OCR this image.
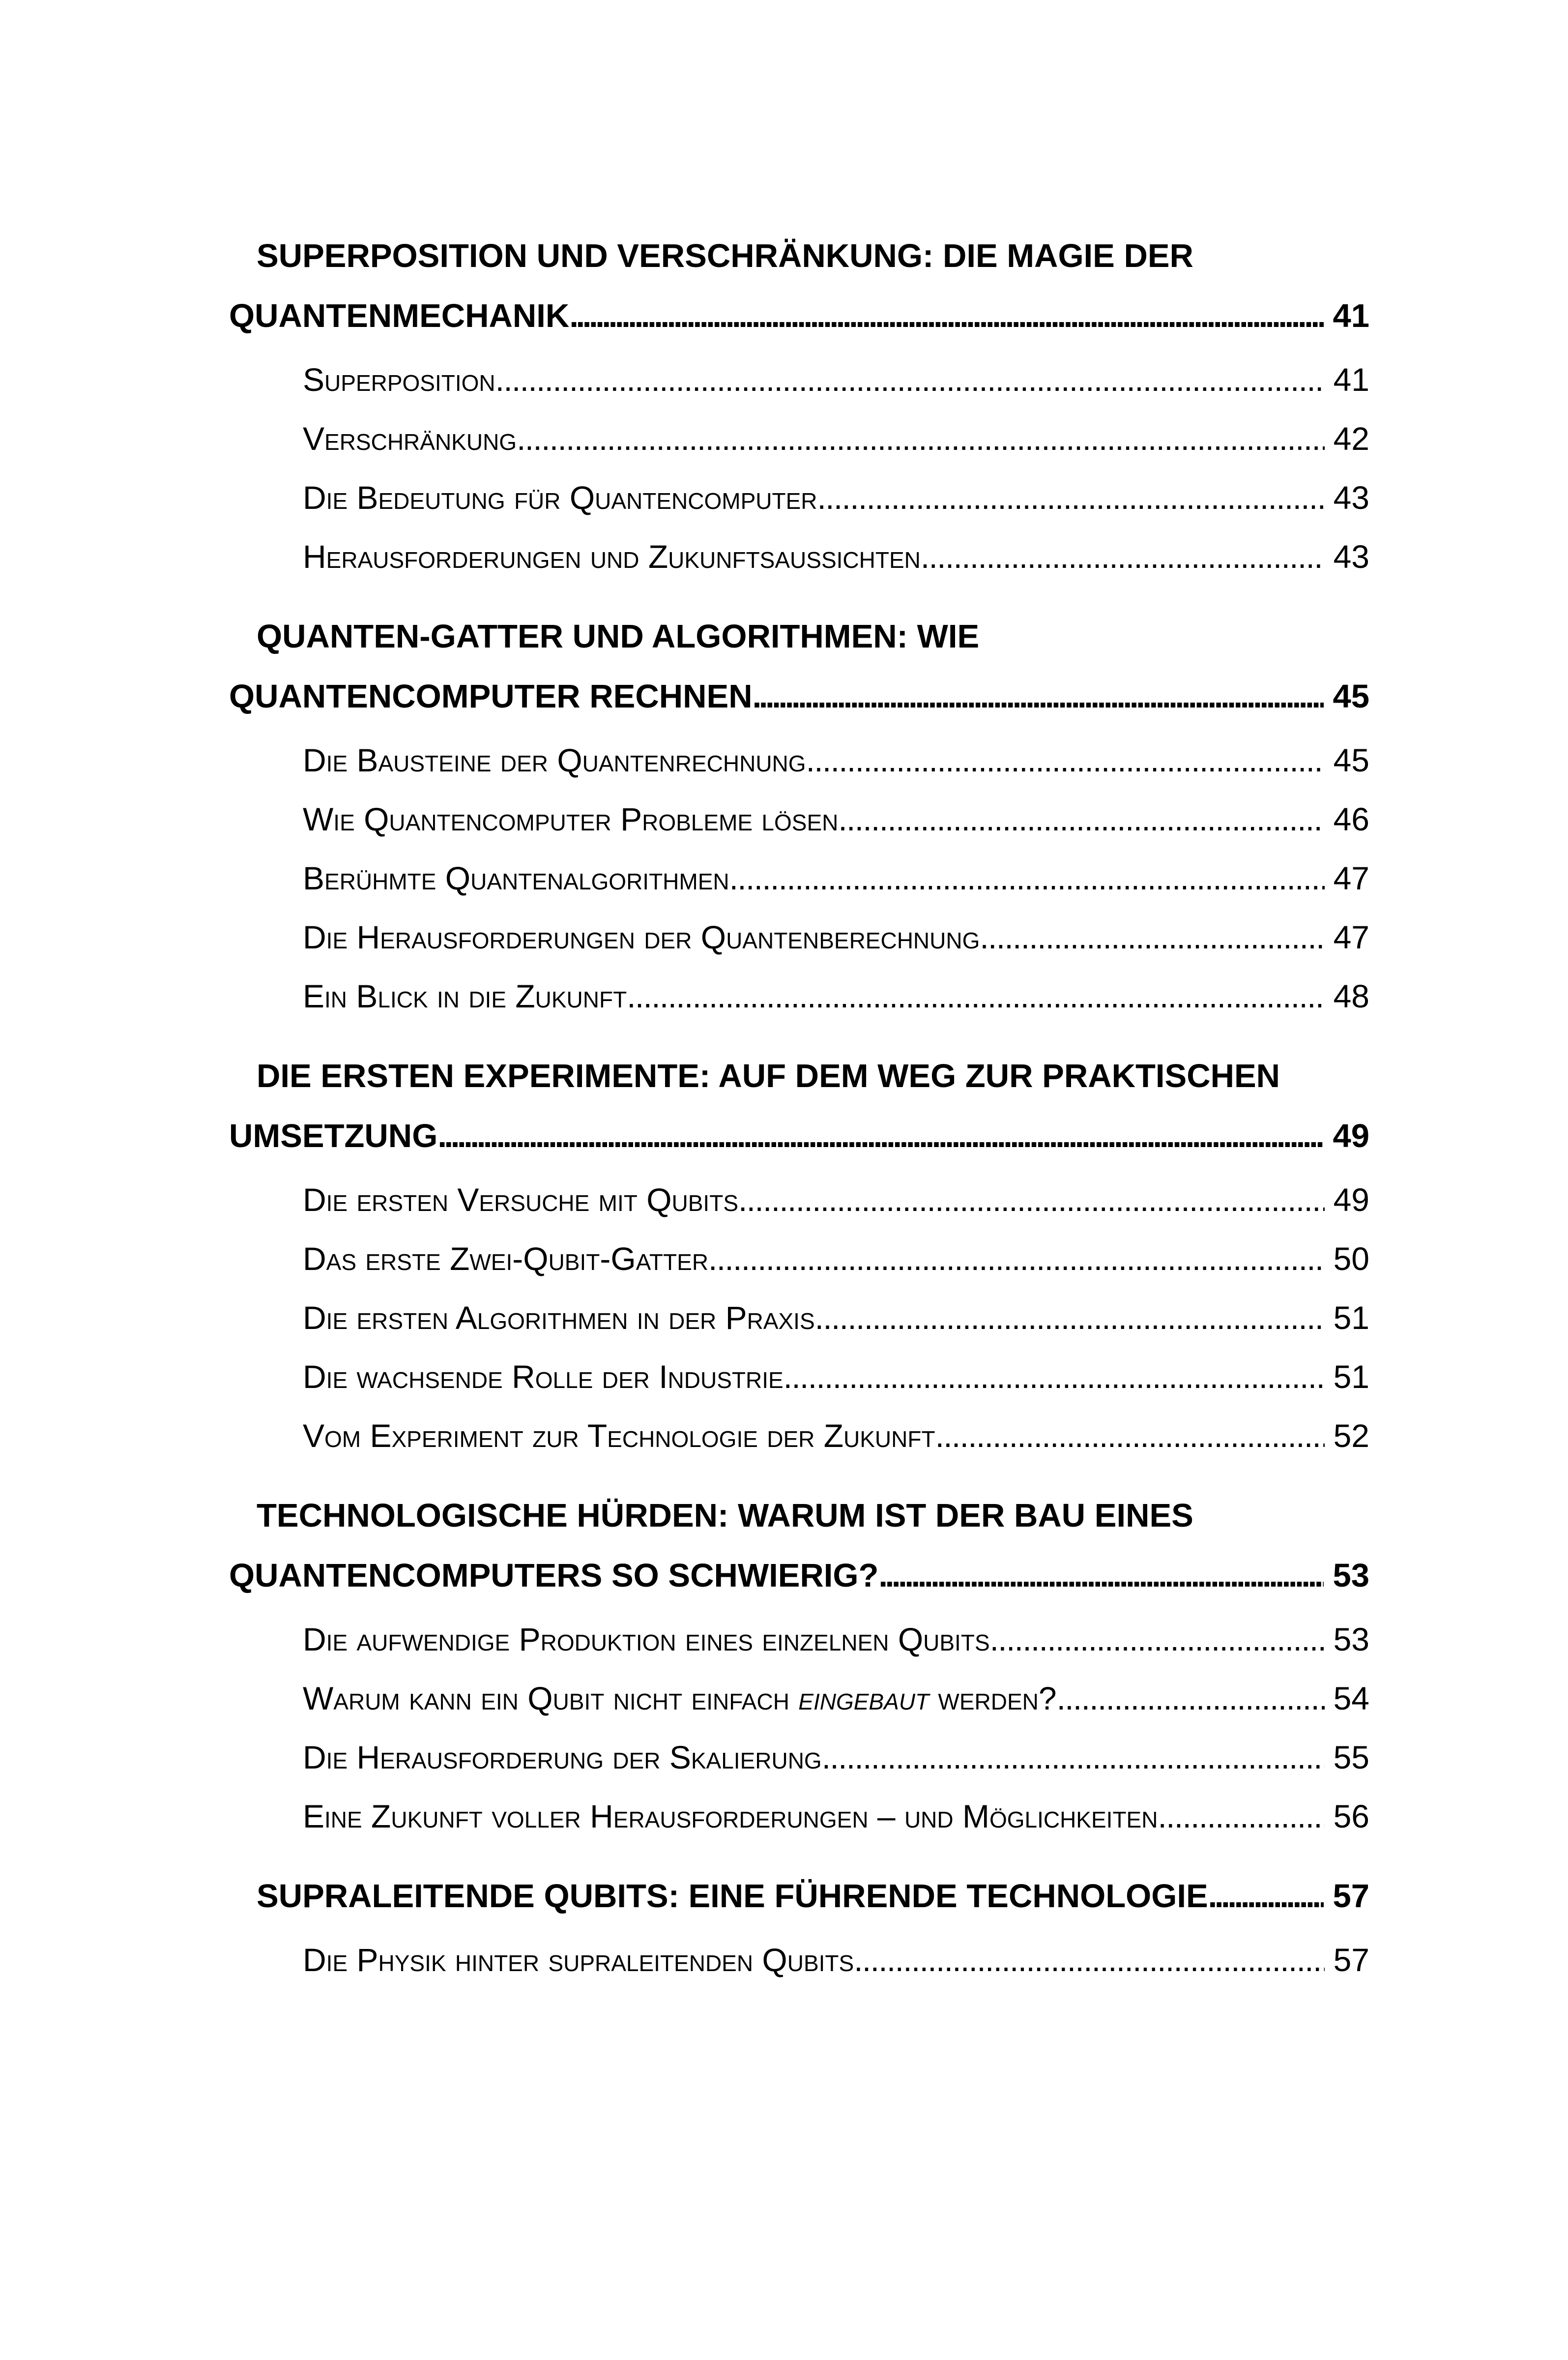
SUPERPOSITION UND VERSCHRÄNKUNG: DIE MAGIE DER
QUANTENMECHANIK . . .	41
Superposition . . .	41
Verschränkung . . .	42
Die Bedeutung für Quantencomputer . . .	43
Herausforderungen und Zukunftsaussichten . . .	43
QUANTEN-GATTER UND ALGORITHMEN: WIE
QUANTENCOMPUTER RECHNEN . . .	45
Die Bausteine der Quantenrechnung . . .	45
Wie Quantencomputer Probleme lösen . . .	46
Berühmte Quantenalgorithmen . . .	47
Die Herausforderungen der Quantenberechnung . . .	47
Ein Blick in die Zukunft . . .	48
DIE ERSTEN EXPERIMENTE: AUF DEM WEG ZUR PRAKTISCHEN
UMSETZUNG . . .	49
Die ersten Versuche mit Qubits . . .	49
Das erste Zwei-Qubit-Gatter . . .	50
Die ersten Algorithmen in der Praxis . . .	51
Die wachsende Rolle der Industrie . . .	51
Vom Experiment zur Technologie der Zukunft . . .	52
TECHNOLOGISCHE HÜRDEN: WARUM IST DER BAU EINES
QUANTENCOMPUTERS SO SCHWIERIG? . . .	53
Die aufwendige Produktion eines einzelnen Qubits . . .	53
Warum kann ein Qubit nicht einfach eingebaut werden? . . .	54
Die Herausforderung der Skalierung . . .	55
Eine Zukunft voller Herausforderungen – und Möglichkeiten . . .	56
SUPRALEITENDE QUBITS: EINE FÜHRENDE TECHNOLOGIE . . .	57
Die Physik hinter supraleitenden Qubits . . .	57
